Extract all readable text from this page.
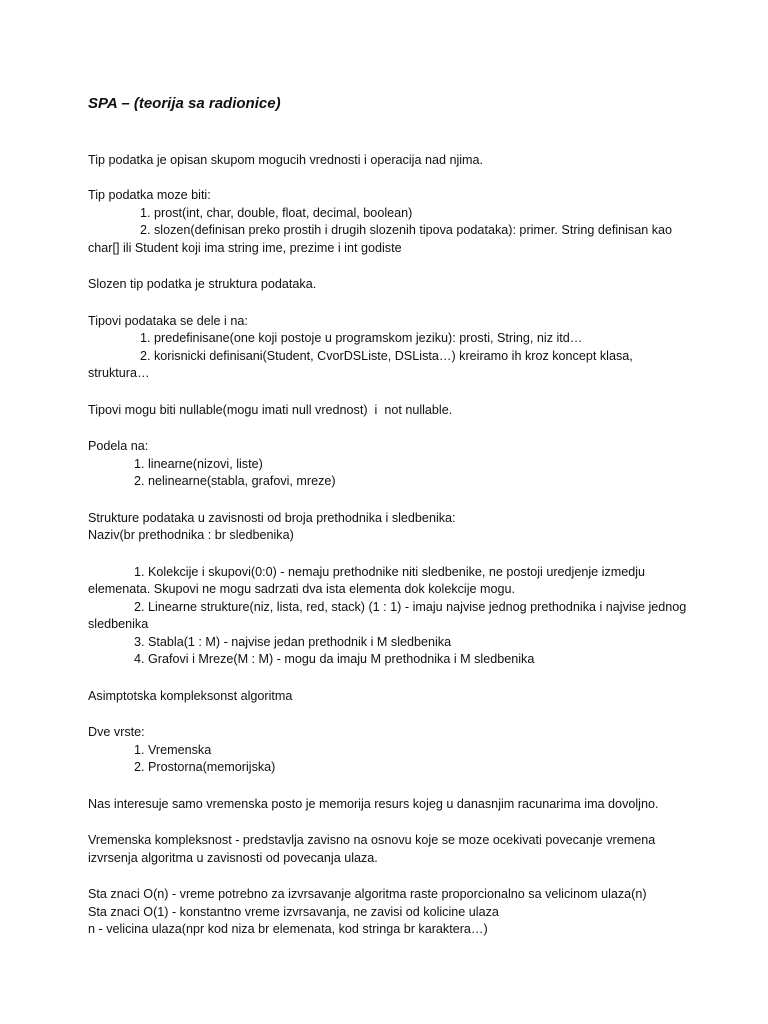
SPA – (teorija sa radionice)

Tip podatka je opisan skupom mogucih vrednosti i operacija nad njima.

Tip podatka moze biti:

1. prost(int, char, double, float, decimal, boolean)

2. slozen(definisan preko prostih i drugih slozenih tipova podataka): primer. String definisan kao char[] ili Student koji ima string ime, prezime i int godiste

Slozen tip podatka je struktura podataka.

Tipovi podataka se dele i na:

1. predefinisane(one koji postoje u programskom jeziku): prosti, String, niz itd…

2. korisnicki definisani(Student, CvorDSListe, DSLista…) kreiramo ih kroz koncept klasa, struktura…

Tipovi mogu biti nullable(mogu imati null vrednost)  i  not nullable.

Podela na:

1. linearne(nizovi, liste)

2. nelinearne(stabla, grafovi, mreze)

Strukture podataka u zavisnosti od broja prethodnika i sledbenika:

Naziv(br prethodnika : br sledbenika)

1. Kolekcije i skupovi(0:0) - nemaju prethodnike niti sledbenike, ne postoji uredjenje izmedju elemenata. Skupovi ne mogu sadrzati dva ista elementa dok kolekcije mogu.

2. Linearne strukture(niz, lista, red, stack) (1 : 1) - imaju najvise jednog prethodnika i najvise jednog sledbenika

3. Stabla(1 : M) - najvise jedan prethodnik i M sledbenika

4. Grafovi i Mreze(M : M) - mogu da imaju M prethodnika i M sledbenika

Asimptotska kompleksonst algoritma

Dve vrste:

1. Vremenska

2. Prostorna(memorijska)

Nas interesuje samo vremenska posto je memorija resurs kojeg u danasnjim racunarima ima dovoljno.

Vremenska kompleksnost - predstavlja zavisno na osnovu koje se moze ocekivati povecanje vremena izvrsenja algoritma u zavisnosti od povecanja ulaza.

Sta znaci O(n) - vreme potrebno za izvrsavanje algoritma raste proporcionalno sa velicinom ulaza(n)

Sta znaci O(1) - konstantno vreme izvrsavanja, ne zavisi od kolicine ulaza

n - velicina ulaza(npr kod niza br elemenata, kod stringa br karaktera…)
